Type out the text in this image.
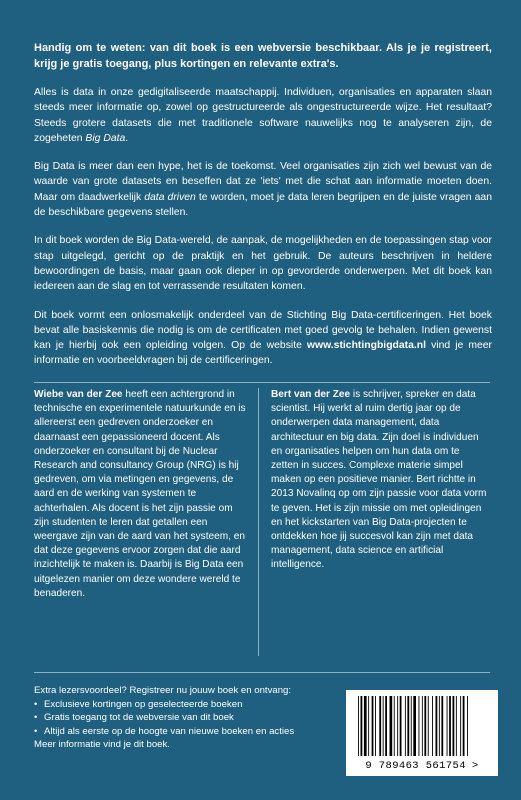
Handig om te weten: van dit boek is een webversie beschikbaar. Als je je registreert, krijg je gratis toegang, plus kortingen en relevante extra's.

Alles is data in onze gedigitaliseerde maatschappij. Individuen, organisaties en apparaten slaan steeds meer informatie op, zowel op gestructureerde als ongestructureerde wijze. Het resultaat? Steeds grotere datasets die met traditionele software nauwelijks nog te analyseren zijn, de zogeheten Big Data.

Big Data is meer dan een hype, het is de toekomst. Veel organisaties zijn zich wel bewust van de waarde van grote datasets en beseffen dat ze 'iets' met die schat aan informatie moeten doen. Maar om daadwerkelijk data driven te worden, moet je data leren begrijpen en de juiste vragen aan de beschikbare gegevens stellen.

In dit boek worden de Big Data-wereld, de aanpak, de mogelijkheden en de toepassingen stap voor stap uitgelegd, gericht op de praktijk en het gebruik. De auteurs beschrijven in heldere bewoordingen de basis, maar gaan ook dieper in op gevorderde onderwerpen. Met dit boek kan iedereen aan de slag en tot verrassende resultaten komen.

Dit boek vormt een onlosmakelijk onderdeel van de Stichting Big Data-certificeringen. Het boek bevat alle basiskennis die nodig is om de certificaten met goed gevolg te behalen. Indien gewenst kan je hierbij ook een opleiding volgen. Op de website www.stichtingbigdata.nl vind je meer informatie en voorbeeldvragen bij de certificeringen.

Wiebe van der Zee heeft een achtergrond in technische en experimentele natuurkunde en is allereerst een gedreven onderzoeker en daarnaast een gepassioneerd docent. Als onderzoeker en consultant bij de Nuclear Research and consultancy Group (NRG) is hij gedreven, om via metingen en gegevens, de aard en de werking van systemen te achterhalen. Als docent is het zijn passie om zijn studenten te leren dat getallen een weergave zijn van de aard van het systeem, en dat deze gegevens ervoor zorgen dat die aard inzichtelijk te maken is. Daarbij is Big Data een uitgelezen manier om deze wondere wereld te benaderen.
Bert van der Zee is schrijver, spreker en data scientist. Hij werkt al ruim dertig jaar op de onderwerpen data management, data architectuur en big data. Zijn doel is individuen en organisaties helpen om hun data om te zetten in succes. Complexe materie simpel maken op een positieve manier. Bert richtte in 2013 Novalinq op om zijn passie voor data vorm te geven. Het is zijn missie om met opleidingen en het kickstarten van Big Data-projecten te ontdekken hoe jij succesvol kan zijn met data management, data science en artificial intelligence.
Extra lezersvoordeel? Registreer nu jouuw boek en ontvang:
• Exclusieve kortingen op geselecteerde boeken
• Gratis toegang tot de webversie van dit boek
• Altijd als eerste op de hoogte van nieuwe boeken en acties
Meer informatie vind je dit boek.
9 789463 561754 >
